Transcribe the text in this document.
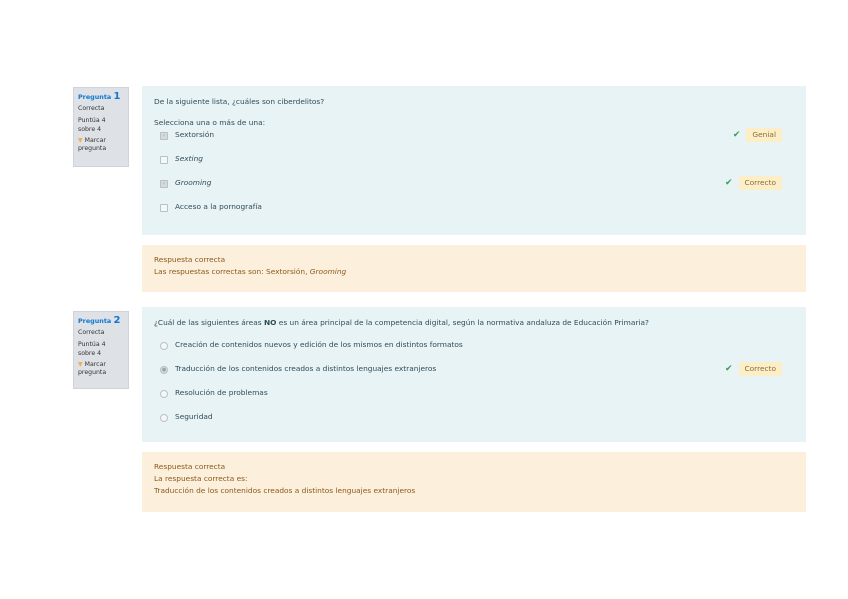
Pregunta 1
Correcta
Puntúa 4 sobre 4
▼ Marcar pregunta
De la siguiente lista, ¿cuáles son ciberdelitos?
Selecciona una o más de una:
✓ Sextorsión	✔ Genial
Sexting
✓ Grooming	✔ Correcto
Acceso a la pornografía
Respuesta correcta
Las respuestas correctas son: Sextorsión, Grooming
Pregunta 2
Correcta
Puntúa 4 sobre 4
▼ Marcar pregunta
¿Cuál de las siguientes áreas NO es un área principal de la competencia digital, según la normativa andaluza de Educación Primaria?
Creación de contenidos nuevos y edición de los mismos en distintos formatos
● Traducción de los contenidos creados a distintos lenguajes extranjeros	✔ Correcto
Resolución de problemas
Seguridad
Respuesta correcta
La respuesta correcta es:
Traducción de los contenidos creados a distintos lenguajes extranjeros
